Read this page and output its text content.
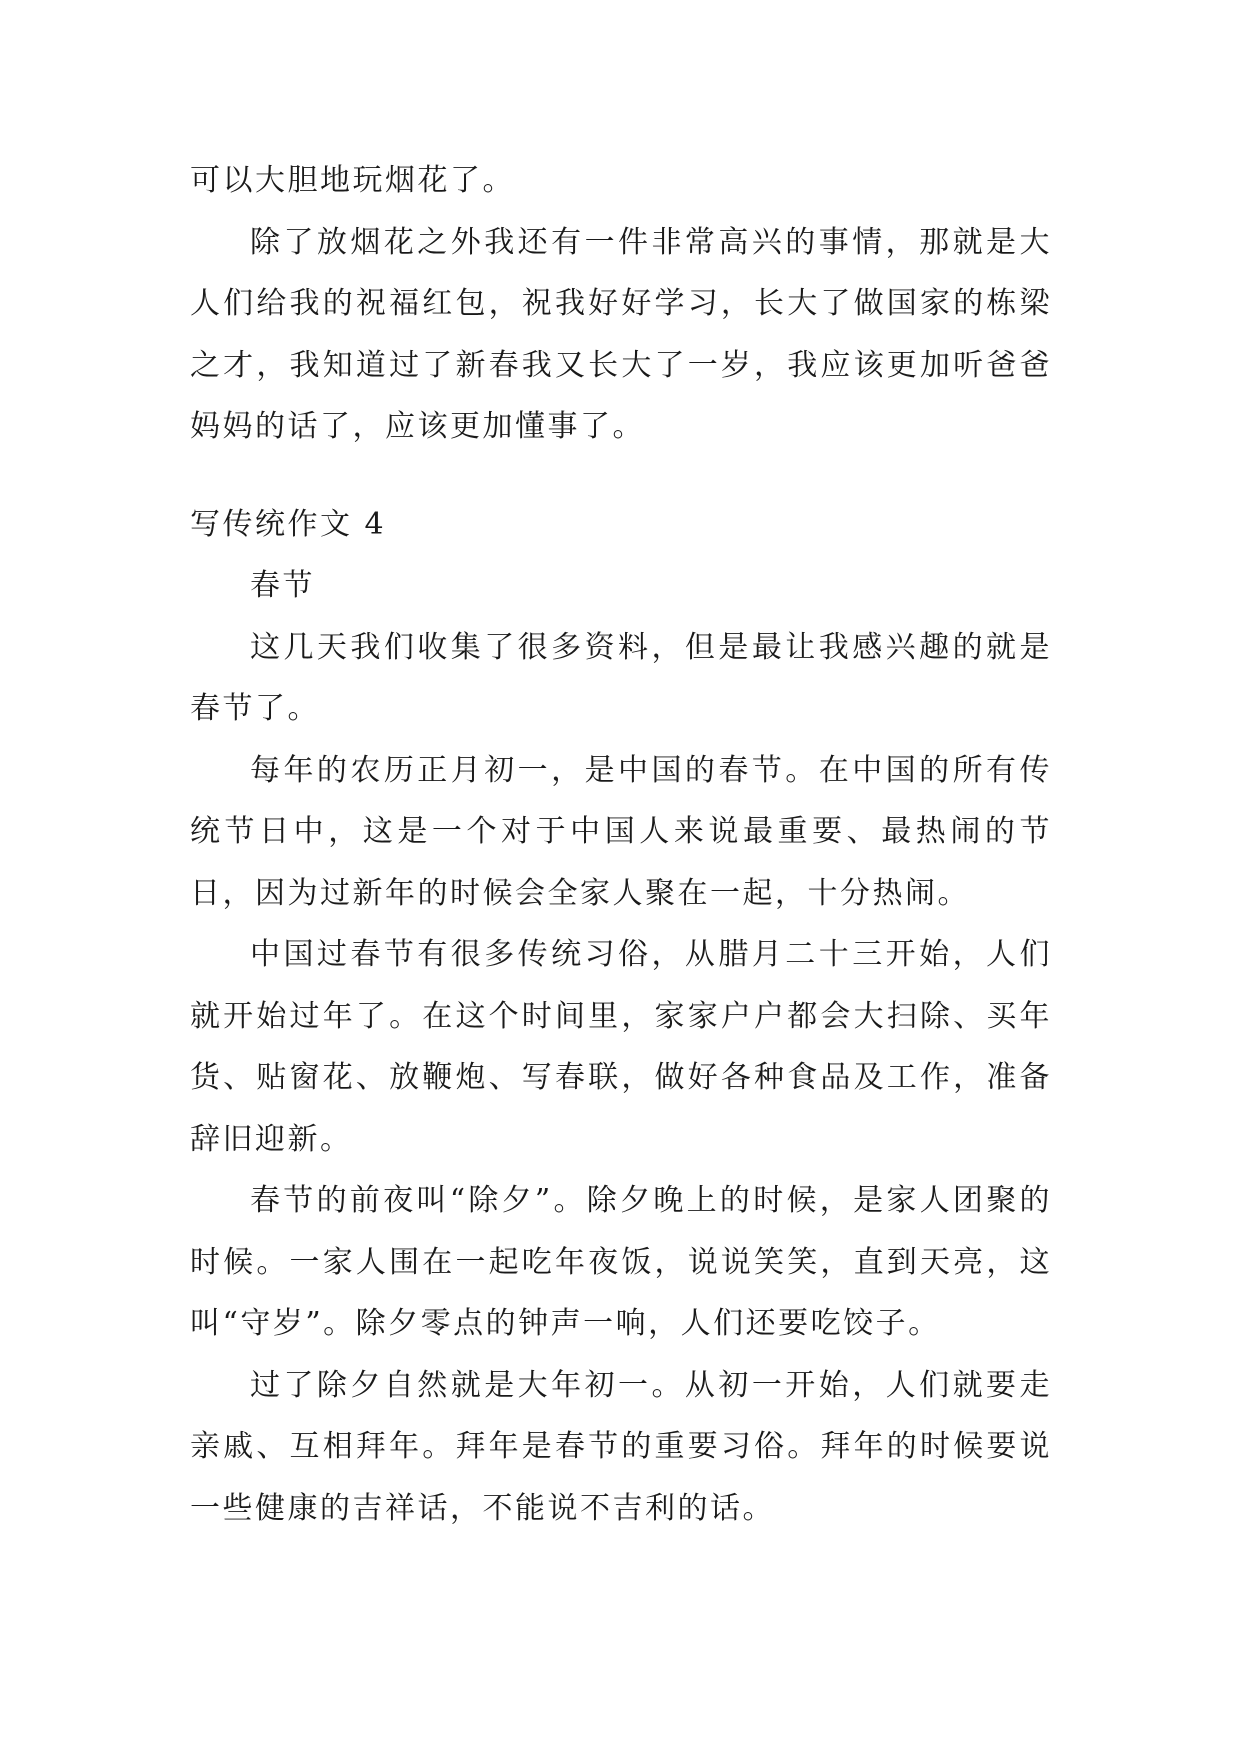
可以大胆地玩烟花了。

除了放烟花之外我还有一件非常高兴的事情，那就是大人们给我的祝福红包，祝我好好学习，长大了做国家的栋梁之才，我知道过了新春我又长大了一岁，我应该更加听爸爸妈妈的话了，应该更加懂事了。

写传统作文 4

春节

这几天我们收集了很多资料，但是最让我感兴趣的就是春节了。

每年的农历正月初一，是中国的春节。在中国的所有传统节日中，这是一个对于中国人来说最重要、最热闹的节日，因为过新年的时候会全家人聚在一起，十分热闹。

中国过春节有很多传统习俗，从腊月二十三开始，人们就开始过年了。在这个时间里，家家户户都会大扫除、买年货、贴窗花、放鞭炮、写春联，做好各种食品及工作，准备辞旧迎新。

春节的前夜叫“除夕”。除夕晚上的时候，是家人团聚的时候。一家人围在一起吃年夜饭，说说笑笑，直到天亮，这叫“守岁”。除夕零点的钟声一响，人们还要吃饺子。

过了除夕自然就是大年初一。从初一开始，人们就要走亲戚、互相拜年。拜年是春节的重要习俗。拜年的时候要说一些健康的吉祥话，不能说不吉利的话。
